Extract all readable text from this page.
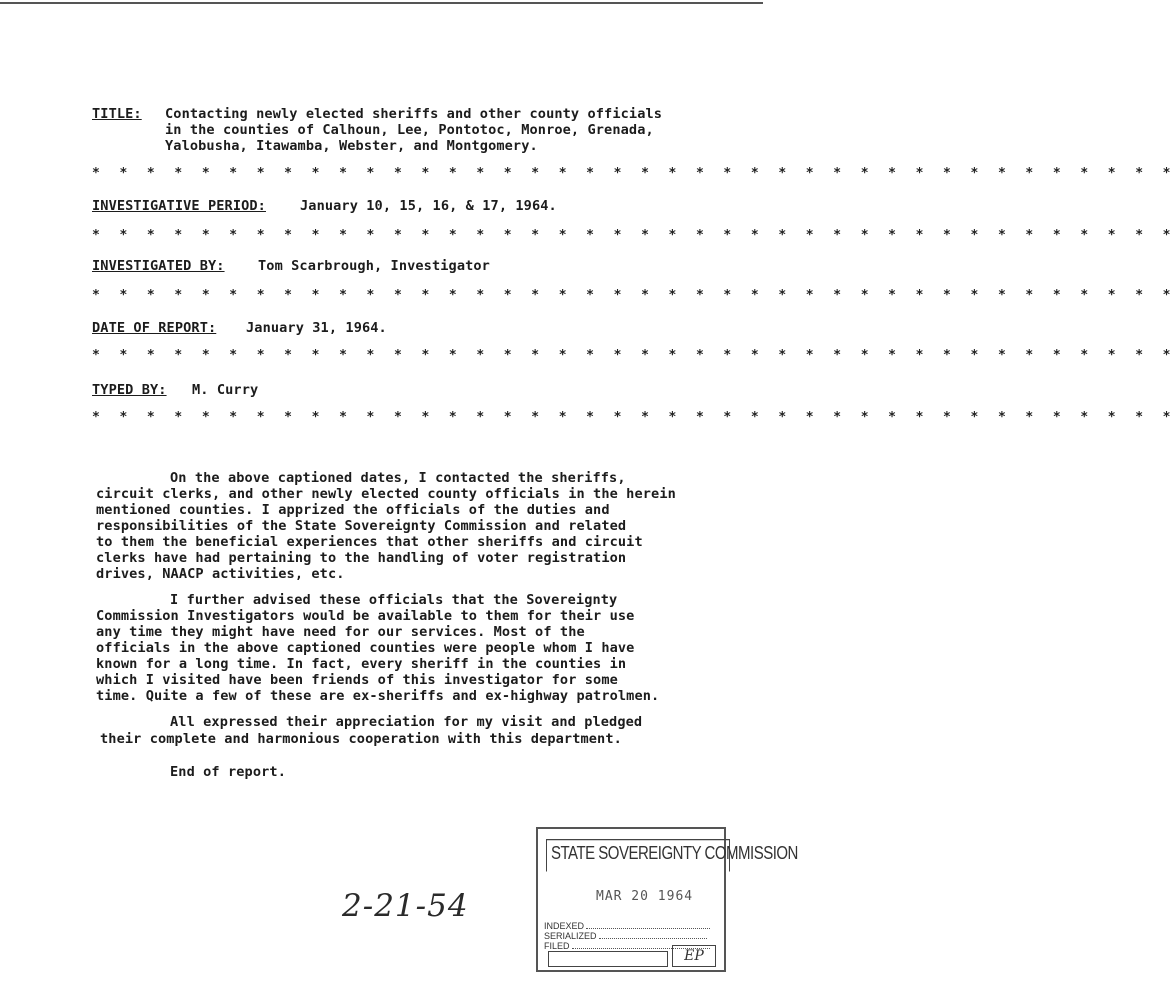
TITLE: Contacting newly elected sheriffs and other county officials
in the counties of Calhoun, Lee, Pontotoc, Monroe, Grenada,
Yalobusha, Itawamba, Webster, and Montgomery.
* * * * * * * * * * * * * * * * * * * * * * * * * * * * * * * * * * * * * * * *
INVESTIGATIVE PERIOD:	January 10, 15, 16, & 17, 1964.
* * * * * * * * * * * * * * * * * * * * * * * * * * * * * * * * * * * * * * * *
INVESTIGATED BY: Tom Scarbrough, Investigator
* * * * * * * * * * * * * * * * * * * * * * * * * * * * * * * * * * * * * * * *
DATE OF REPORT: January 31, 1964.
* * * * * * * * * * * * * * * * * * * * * * * * * * * * * * * * * * * * * * * *
TYPED BY: M. Curry
* * * * * * * * * * * * * * * * * * * * * * * * * * * * * * * * * * * * * * * *
On the above captioned dates, I contacted the sheriffs,
circuit clerks, and other newly elected county officials in the herein
mentioned counties. I apprized the officials of the duties and
responsibilities of the State Sovereignty Commission and related
to them the beneficial experiences that other sheriffs and circuit
clerks have had pertaining to the handling of voter registration
drives, NAACP activities, etc.
I further advised these officials that the Sovereignty
Commission Investigators would be available to them for their use
any time they might have need for our services. Most of the
officials in the above captioned counties were people whom I have
known for a long time. In fact, every sheriff in the counties in
which I visited have been friends of this investigator for some
time. Quite a few of these are ex-sheriffs and ex-highway patrolmen.
All expressed their appreciation for my visit and pledged
their complete and harmonious cooperation with this department.
End of report.
2-21-54
STATE SOVEREIGNTY COMMISSION
MAR 20 1964
INDEXED
SERIALIZED
FILED
EP
